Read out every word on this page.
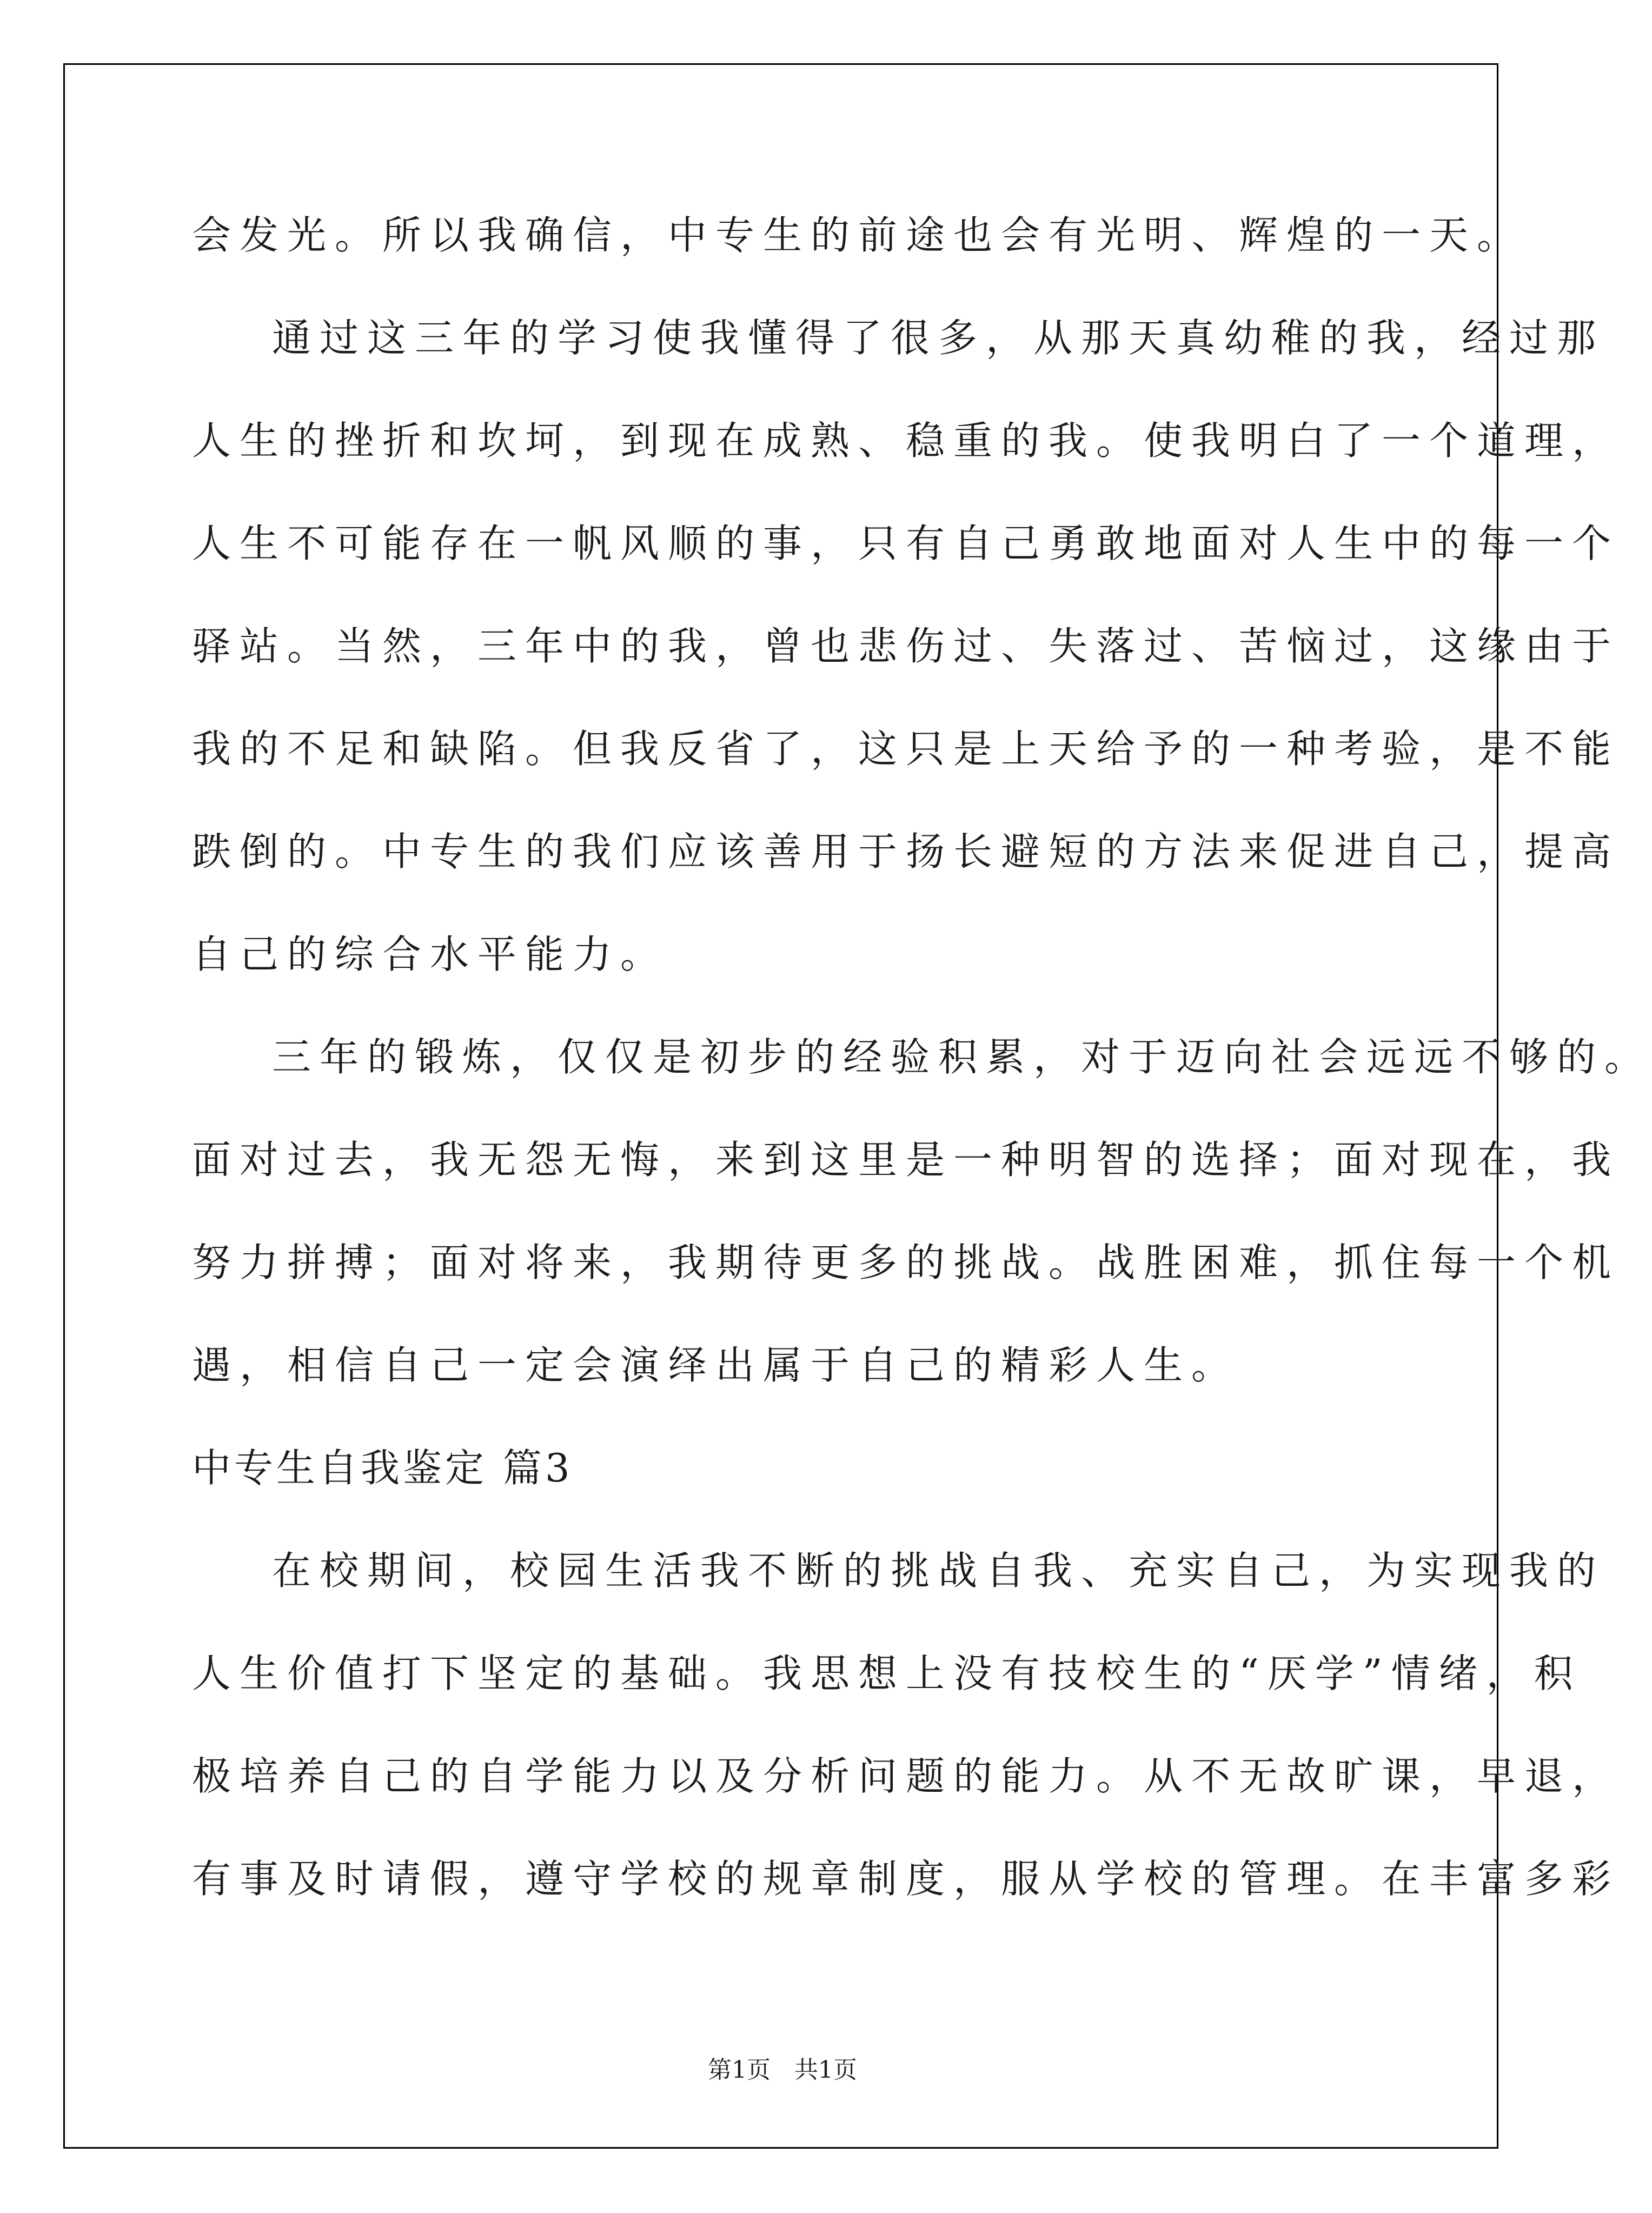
会发光。所以我确信，中专生的前途也会有光明、辉煌的一天。
通过这三年的学习使我懂得了很多，从那天真幼稚的我，经过那
人生的挫折和坎坷，到现在成熟、稳重的我。使我明白了一个道理，
人生不可能存在一帆风顺的事，只有自己勇敢地面对人生中的每一个
驿站。当然，三年中的我，曾也悲伤过、失落过、苦恼过，这缘由于
我的不足和缺陷。但我反省了，这只是上天给予的一种考验，是不能
跌倒的。中专生的我们应该善用于扬长避短的方法来促进自己，提高
自己的综合水平能力。
三年的锻炼，仅仅是初步的经验积累，对于迈向社会远远不够的。
面对过去，我无怨无悔，来到这里是一种明智的选择；面对现在，我
努力拼搏；面对将来，我期待更多的挑战。战胜困难，抓住每一个机
遇，相信自己一定会演绎出属于自己的精彩人生。
中专生自我鉴定 篇3
在校期间，校园生活我不断的挑战自我、充实自己，为实现我的
人生价值打下坚定的基础。我思想上没有技校生的“厌学”情绪，积
极培养自己的自学能力以及分析问题的能力。从不无故旷课，早退，
有事及时请假，遵守学校的规章制度，服从学校的管理。在丰富多彩
第1页　共1页
